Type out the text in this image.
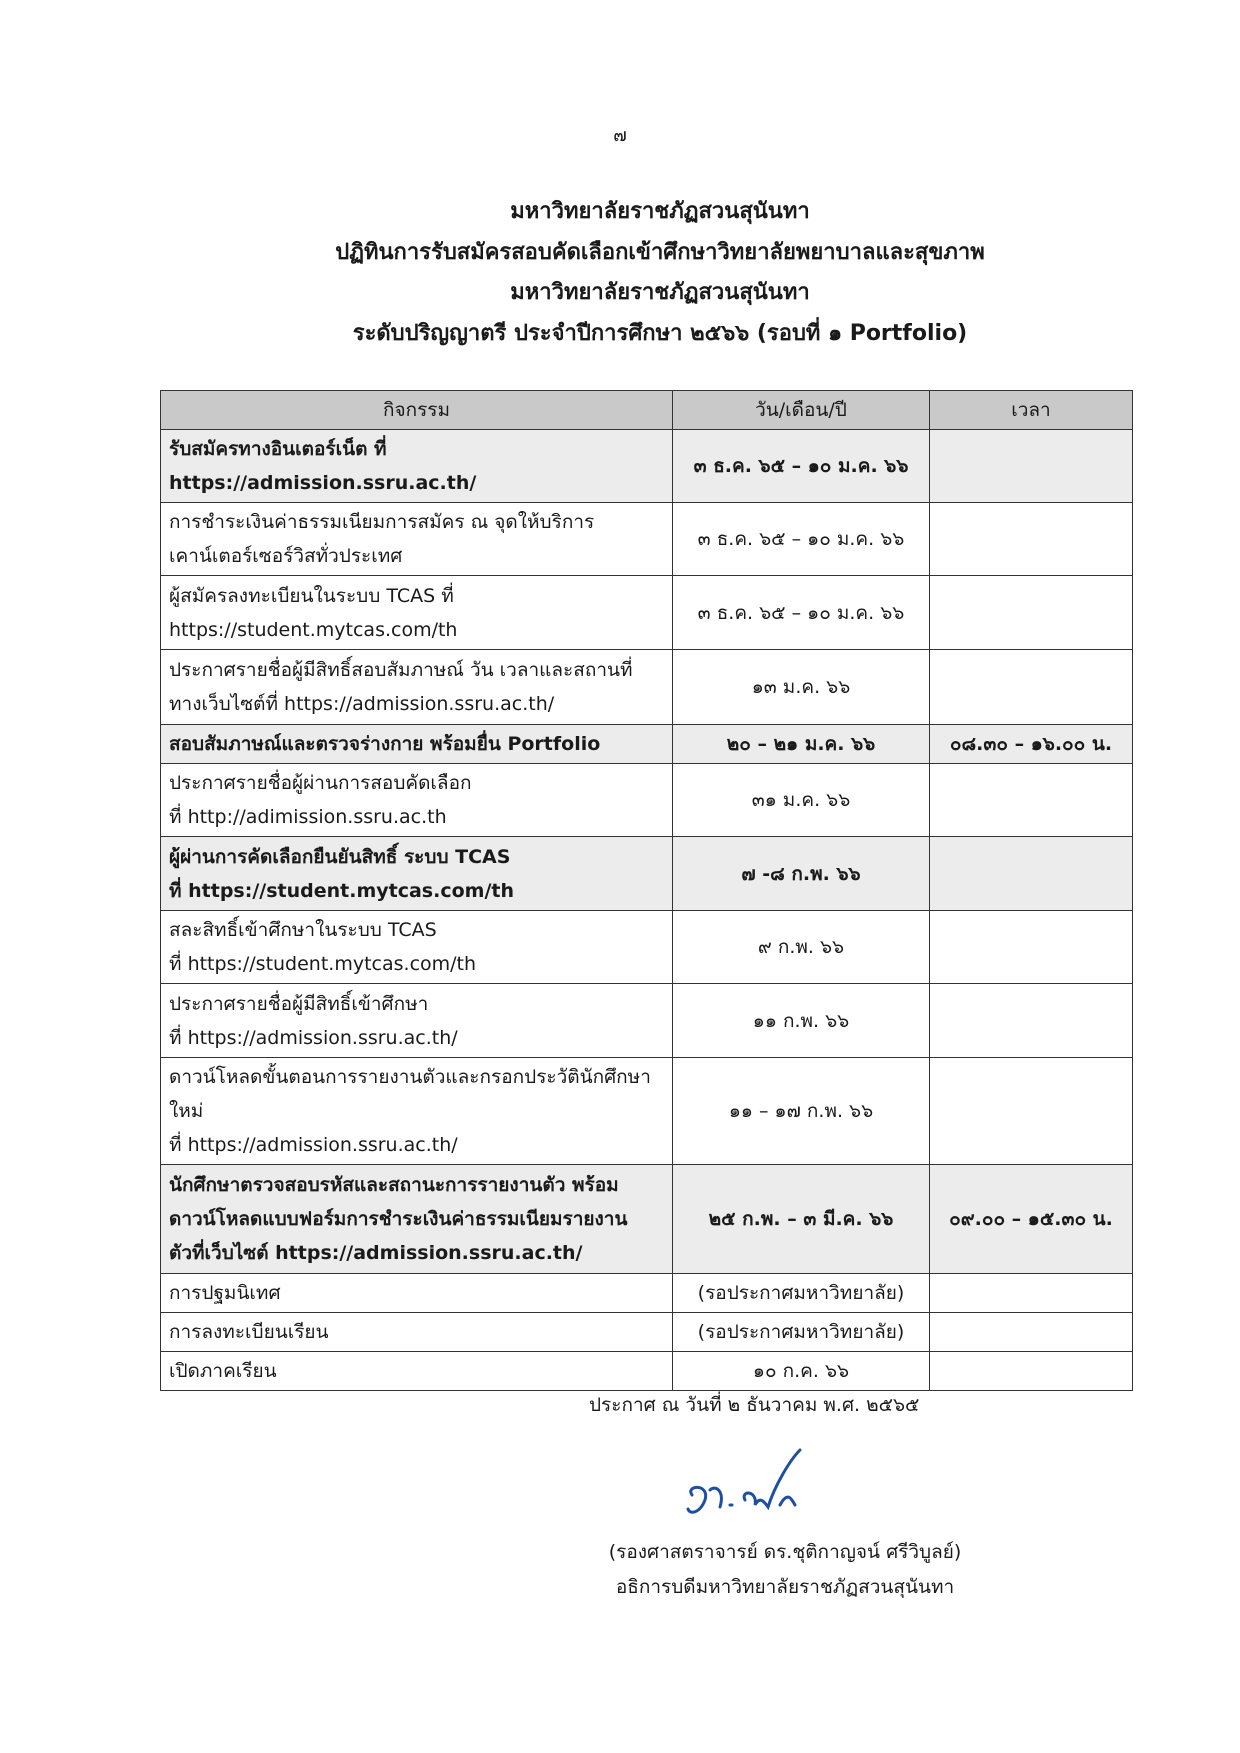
๗
มหาวิทยาลัยราชภัฏสวนสุนันทา
ปฏิทินการรับสมัครสอบคัดเลือกเข้าศึกษาวิทยาลัยพยาบาลและสุขภาพ
มหาวิทยาลัยราชภัฏสวนสุนันทา
ระดับปริญญาตรี ประจำปีการศึกษา ๒๕๖๖ (รอบที่ ๑ Portfolio)
กิจกรรม	วัน/เดือน/ปี	เวลา

รับสมัครทางอินเตอร์เน็ต ที่
https://admission.ssru.ac.th/	๓ ธ.ค. ๖๕ – ๑๐ ม.ค. ๖๖	

การชำระเงินค่าธรรมเนียมการสมัคร ณ จุดให้บริการ
เคาน์เตอร์เซอร์วิสทั่วประเทศ	๓ ธ.ค. ๖๕ – ๑๐ ม.ค. ๖๖	

ผู้สมัครลงทะเบียนในระบบ TCAS ที่
https://student.mytcas.com/th	๓ ธ.ค. ๖๕ – ๑๐ ม.ค. ๖๖	

ประกาศรายชื่อผู้มีสิทธิ์สอบสัมภาษณ์ วัน เวลาและสถานที่
ทางเว็บไซต์ที่ https://admission.ssru.ac.th/	๑๓ ม.ค. ๖๖	

สอบสัมภาษณ์และตรวจร่างกาย พร้อมยื่น Portfolio	๒๐ – ๒๑ ม.ค. ๖๖	๐๘.๓๐ – ๑๖.๐๐ น.

ประกาศรายชื่อผู้ผ่านการสอบคัดเลือก
ที่ http://adimission.ssru.ac.th	๓๑ ม.ค. ๖๖	

ผู้ผ่านการคัดเลือกยืนยันสิทธิ์ ระบบ TCAS
ที่ https://student.mytcas.com/th	๗ -๘ ก.พ. ๖๖	

สละสิทธิ์เข้าศึกษาในระบบ TCAS
ที่ https://student.mytcas.com/th	๙ ก.พ. ๖๖	

ประกาศรายชื่อผู้มีสิทธิ์เข้าศึกษา
ที่ https://admission.ssru.ac.th/	๑๑ ก.พ. ๖๖	

ดาวน์โหลดขั้นตอนการรายงานตัวและกรอกประวัตินักศึกษาใหม่
ที่ https://admission.ssru.ac.th/	๑๑ – ๑๗ ก.พ. ๖๖	

นักศึกษาตรวจสอบรหัสและสถานะการรายงานตัว พร้อม
ดาวน์โหลดแบบฟอร์มการชำระเงินค่าธรรมเนียมรายงาน
ตัวที่เว็บไซต์ https://admission.ssru.ac.th/	๒๕ ก.พ. – ๓ มี.ค. ๖๖	๐๙.๐๐ – ๑๕.๓๐ น.

การปฐมนิเทศ	(รอประกาศมหาวิทยาลัย)	

การลงทะเบียนเรียน	(รอประกาศมหาวิทยาลัย)	

เปิดภาคเรียน	๑๐ ก.ค. ๖๖	
ประกาศ ณ วันที่ ๒ ธันวาคม พ.ศ. ๒๕๖๕
(รองศาสตราจารย์ ดร.ชุติกาญจน์ ศรีวิบูลย์)
อธิการบดีมหาวิทยาลัยราชภัฏสวนสุนันทา
